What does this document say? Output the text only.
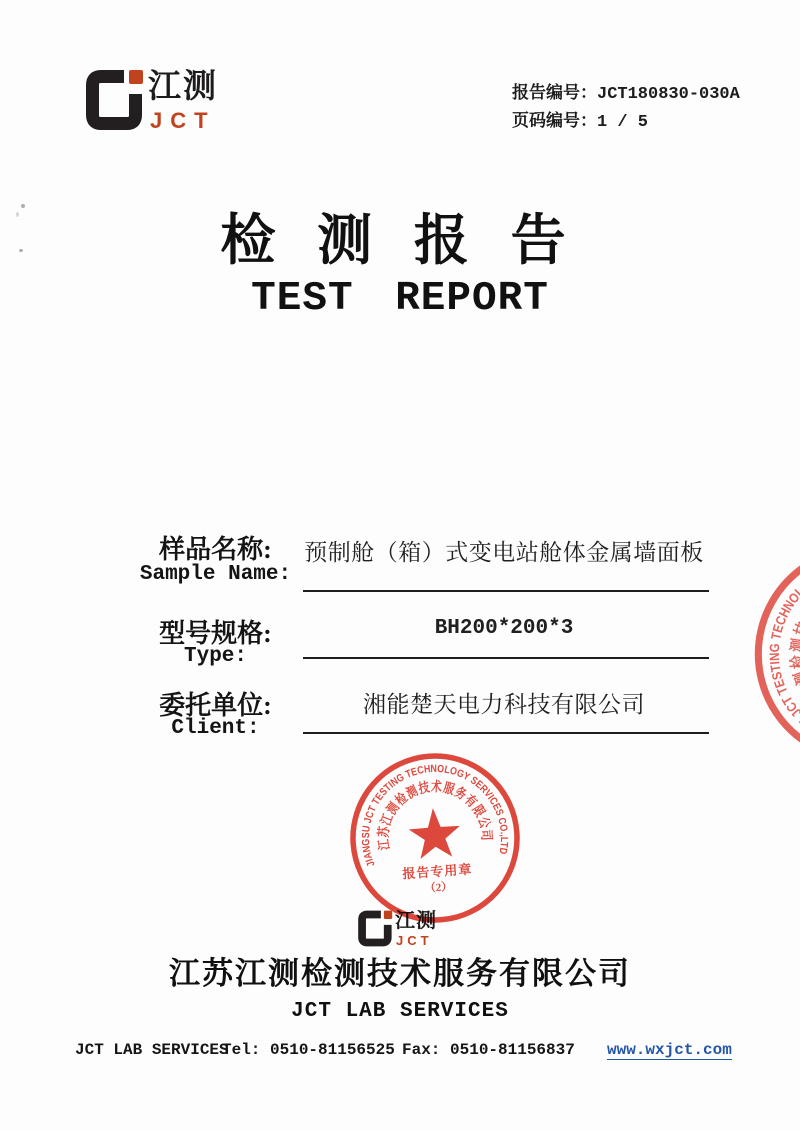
江测
JCT
报告编号：JCT180830-030A
页码编号：1 / 5
检 测 报 告
TEST REPORT
样品名称:
Sample Name:
预制舱（箱）式变电站舱体金属墙面板
型号规格:
Type:
BH200*200*3
委托单位:
Client:
湘能楚天电力科技有限公司
江测
JCT
江苏江测检测技术服务有限公司
JCT LAB SERVICES
JCT LAB SERVICES
Tel: 0510-81156525 Fax: 0510-81156837 www.wxjct.com
JIANGSU JCT TESTING TECHNOLOGY SERVICES CO.,LTD
江苏江测检测技术服务有限公司
报告专用章
（2）
